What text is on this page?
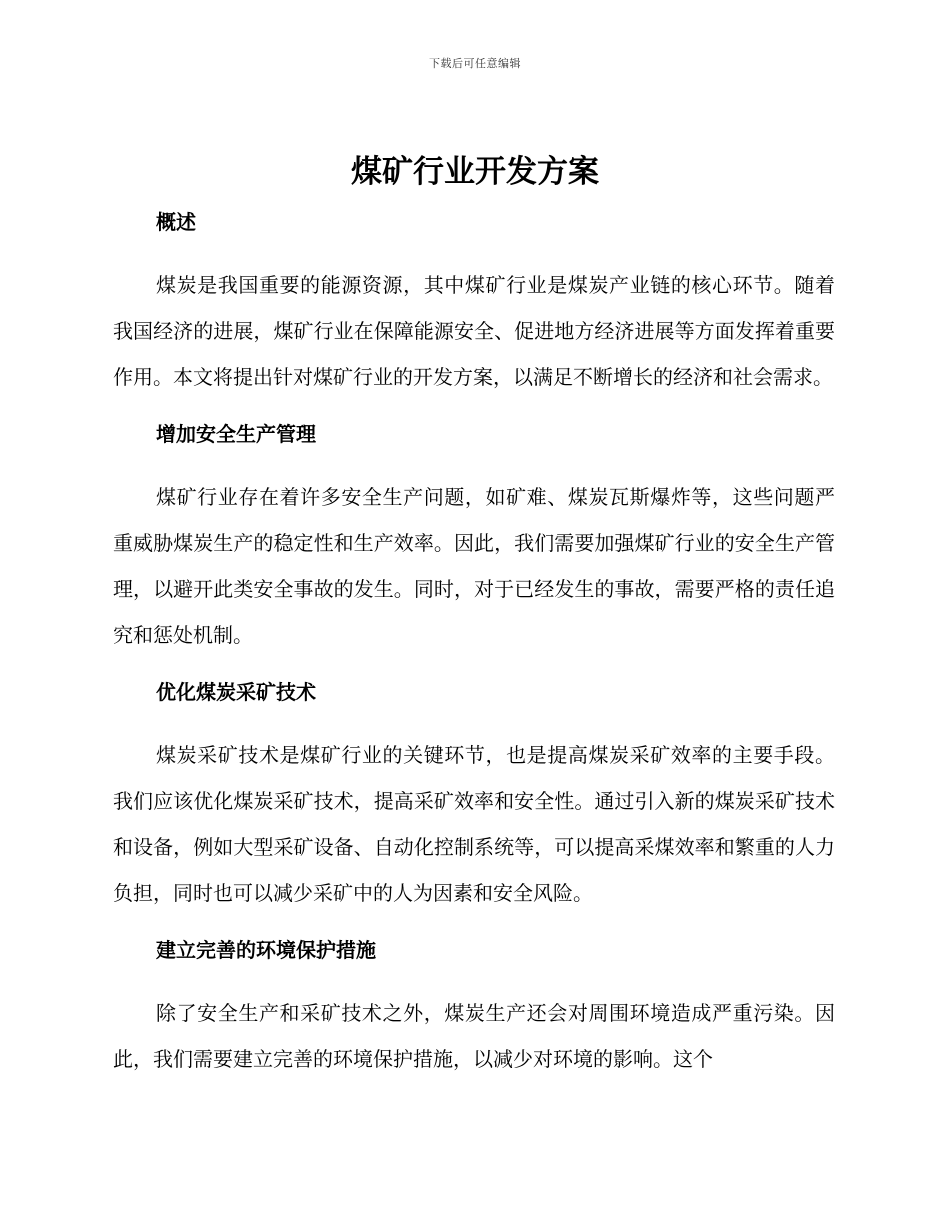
下载后可任意编辑
煤矿行业开发方案
概述

煤炭是我国重要的能源资源，其中煤矿行业是煤炭产业链的核心环节。随着我国经济的进展，煤矿行业在保障能源安全、促进地方经济进展等方面发挥着重要作用。本文将提出针对煤矿行业的开发方案，以满足不断增长的经济和社会需求。

增加安全生产管理

煤矿行业存在着许多安全生产问题，如矿难、煤炭瓦斯爆炸等，这些问题严重威胁煤炭生产的稳定性和生产效率。因此，我们需要加强煤矿行业的安全生产管理，以避开此类安全事故的发生。同时，对于已经发生的事故，需要严格的责任追究和惩处机制。

优化煤炭采矿技术

煤炭采矿技术是煤矿行业的关键环节，也是提高煤炭采矿效率的主要手段。我们应该优化煤炭采矿技术，提高采矿效率和安全性。通过引入新的煤炭采矿技术和设备，例如大型采矿设备、自动化控制系统等，可以提高采煤效率和繁重的人力负担，同时也可以减少采矿中的人为因素和安全风险。

建立完善的环境保护措施

除了安全生产和采矿技术之外，煤炭生产还会对周围环境造成严重污染。因此，我们需要建立完善的环境保护措施，以减少对环境的影响。这个
